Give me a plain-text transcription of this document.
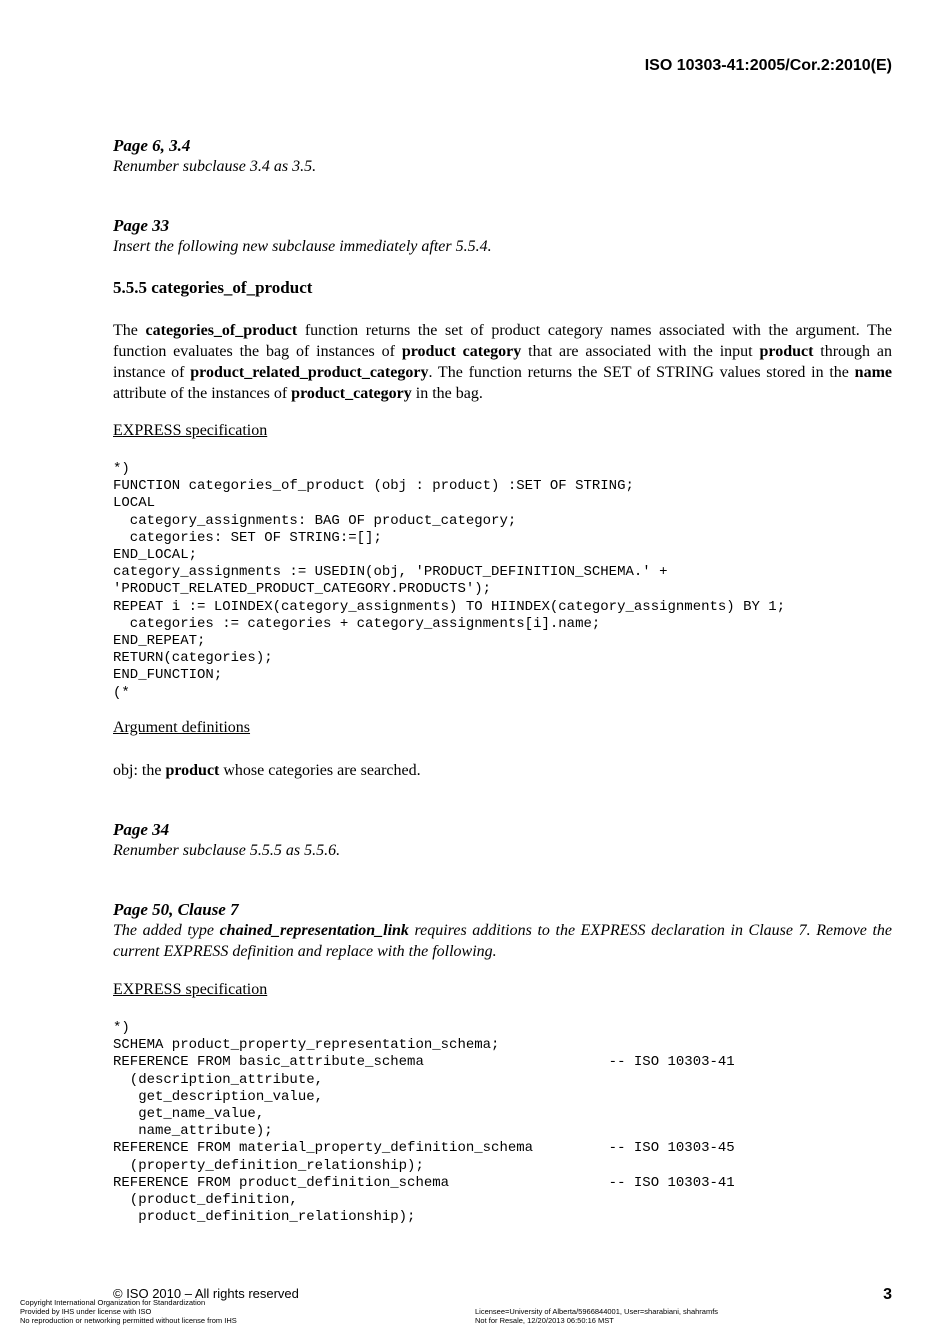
ISO 10303-41:2005/Cor.2:2010(E)
Page 6, 3.4
Renumber subclause 3.4 as 3.5.
Page 33
Insert the following new subclause immediately after 5.5.4.
5.5.5 categories_of_product
The categories_of_product function returns the set of product category names associated with the argument. The function evaluates the bag of instances of product category that are associated with the input product through an instance of product_related_product_category. The function returns the SET of STRING values stored in the name attribute of the instances of product_category in the bag.
EXPRESS specification
*)
FUNCTION categories_of_product (obj : product) :SET OF STRING;
LOCAL
category_assignments: BAG OF product_category;
categories: SET OF STRING:=[];
END_LOCAL;
category_assignments := USEDIN(obj, 'PRODUCT_DEFINITION_SCHEMA.' +
'PRODUCT_RELATED_PRODUCT_CATEGORY.PRODUCTS');
REPEAT i := LOINDEX(category_assignments) TO HIINDEX(category_assignments) BY 1;
categories := categories + category_assignments[i].name;
END_REPEAT;
RETURN(categories);
END_FUNCTION;
(*
Argument definitions
obj: the product whose categories are searched.
Page 34
Renumber subclause 5.5.5 as 5.5.6.
Page 50, Clause 7
The added type chained_representation_link requires additions to the EXPRESS declaration in Clause 7. Remove the current EXPRESS definition and replace with the following.
EXPRESS specification
*)
SCHEMA product_property_representation_schema;
REFERENCE FROM basic_attribute_schema                      -- ISO 10303-41
(description_attribute,
get_description_value,
get_name_value,
name_attribute);
REFERENCE FROM material_property_definition_schema         -- ISO 10303-45
(property_definition_relationship);
REFERENCE FROM product_definition_schema                   -- ISO 10303-41
(product_definition,
product_definition_relationship);
© ISO 2010 – All rights reserved	3
Copyright International Organization for Standardization
Provided by IHS under license with ISO
No reproduction or networking permitted without license from IHS
Licensee=University of Alberta/5966844001, User=sharabiani, shahramfs
Not for Resale, 12/20/2013 06:50:16 MST
